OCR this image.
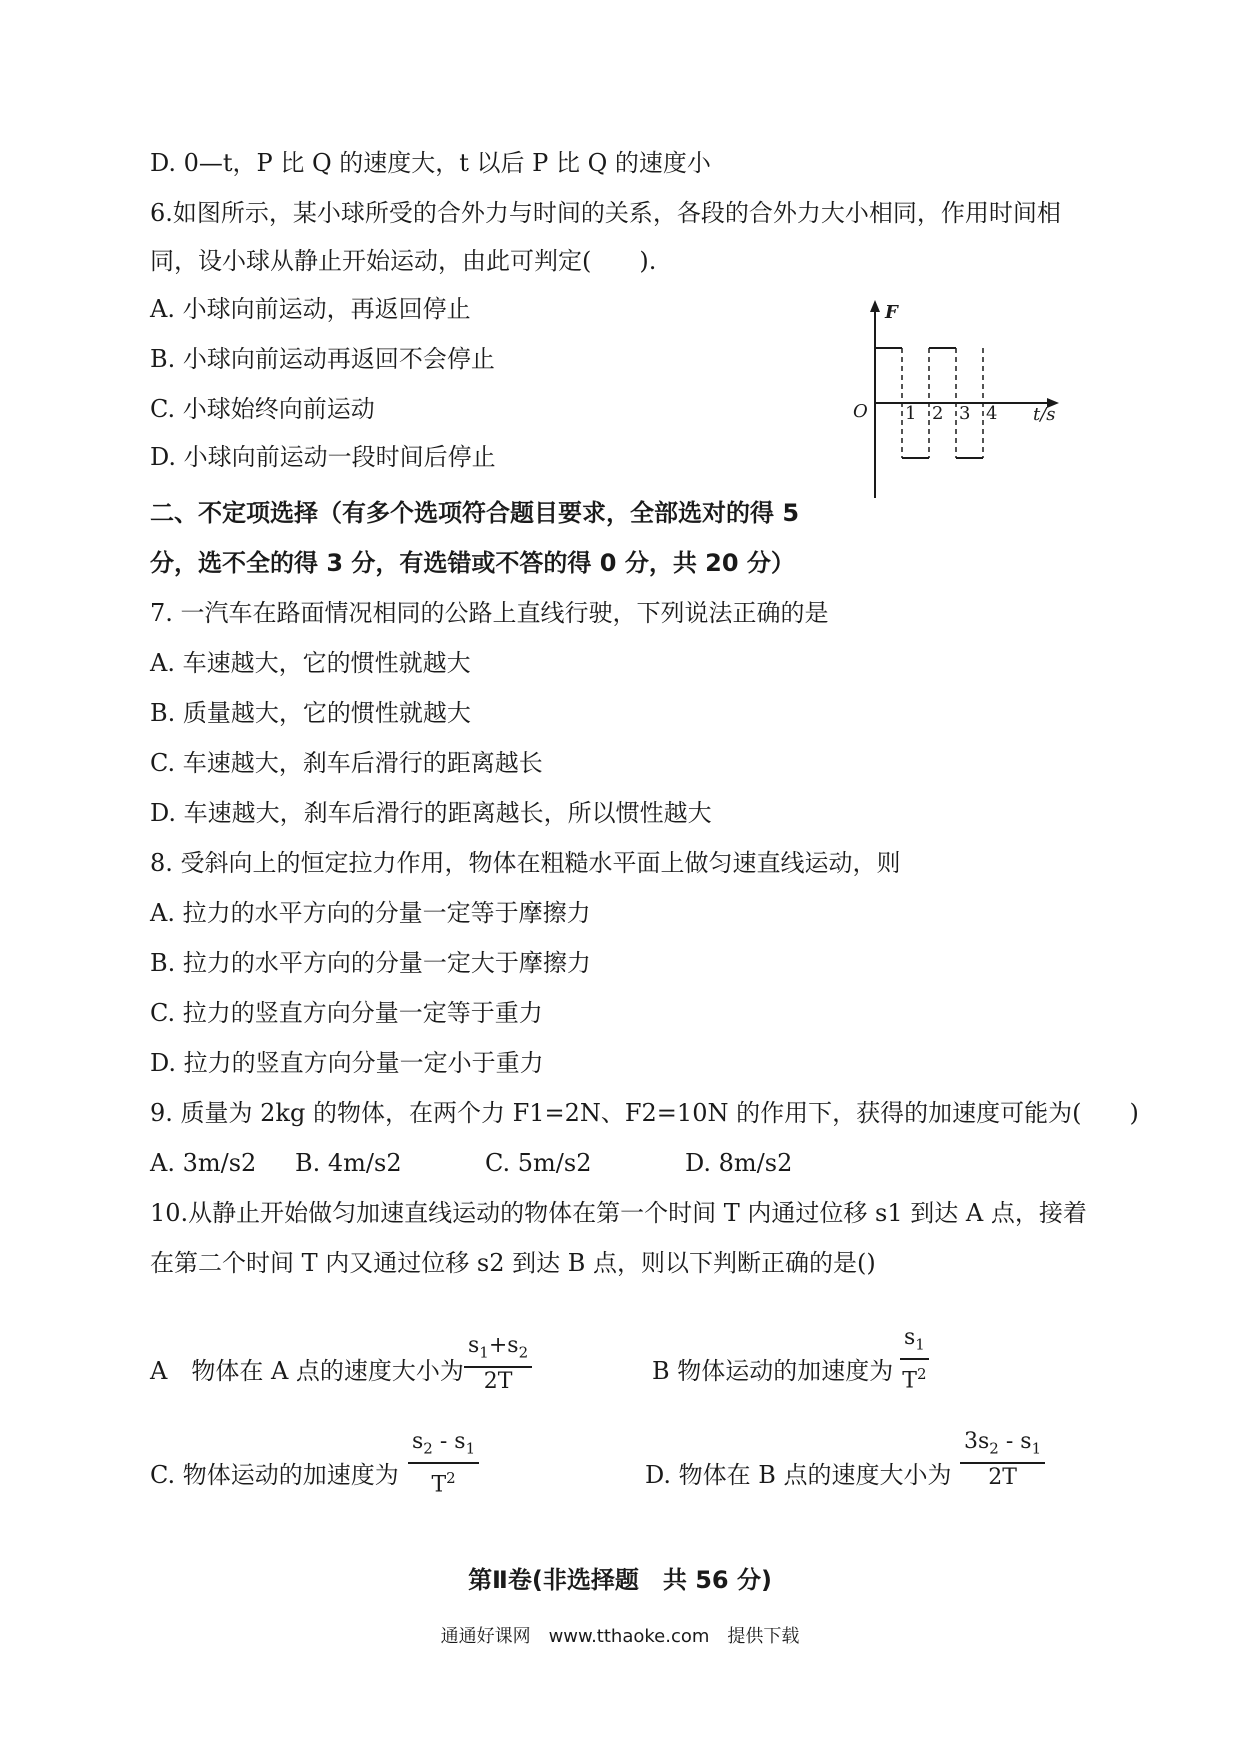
D. 0—t，P 比 Q 的速度大，t 以后 P 比 Q 的速度小
6.如图所示，某小球所受的合外力与时间的关系，各段的合外力大小相同，作用时间相
同，设小球从静止开始运动，由此可判定(　　).
A. 小球向前运动，再返回停止
B. 小球向前运动再返回不会停止
C. 小球始终向前运动
D. 小球向前运动一段时间后停止
F
O	t/s
1 2 3 4
二、不定项选择（有多个选项符合题目要求，全部选对的得 5
分，选不全的得 3 分，有选错或不答的得 0 分，共 20 分）
7. 一汽车在路面情况相同的公路上直线行驶，下列说法正确的是
A. 车速越大，它的惯性就越大
B. 质量越大，它的惯性就越大
C. 车速越大，刹车后滑行的距离越长
D. 车速越大，刹车后滑行的距离越长，所以惯性越大
8. 受斜向上的恒定拉力作用，物体在粗糙水平面上做匀速直线运动，则
A. 拉力的水平方向的分量一定等于摩擦力
B. 拉力的水平方向的分量一定大于摩擦力
C. 拉力的竖直方向分量一定等于重力
D. 拉力的竖直方向分量一定小于重力
9. 质量为 2kg 的物体，在两个力 F1=2N、F2=10N 的作用下，获得的加速度可能为(　　)
A. 3m/s2 B. 4m/s2	C. 5m/s2	D. 8m/s2
10.从静止开始做匀加速直线运动的物体在第一个时间 T 内通过位移 s1 到达 A 点，接着
在第二个时间 T 内又通过位移 s2 到达 B 点，则以下判断正确的是()
A　物体在 A 点的速度大小为 $\frac{s_1+s_2}{2T}$	B 物体运动的加速度为 $\frac{s_1}{T^2}$
C. 物体运动的加速度为 $\frac{s_2 - s_1}{T^2}$	D. 物体在 B 点的速度大小为 $\frac{3s_2 - s_1}{2T}$
第Ⅱ卷(非选择题　共 56 分)
通通好课网　www.tthaoke.com　提供下载
